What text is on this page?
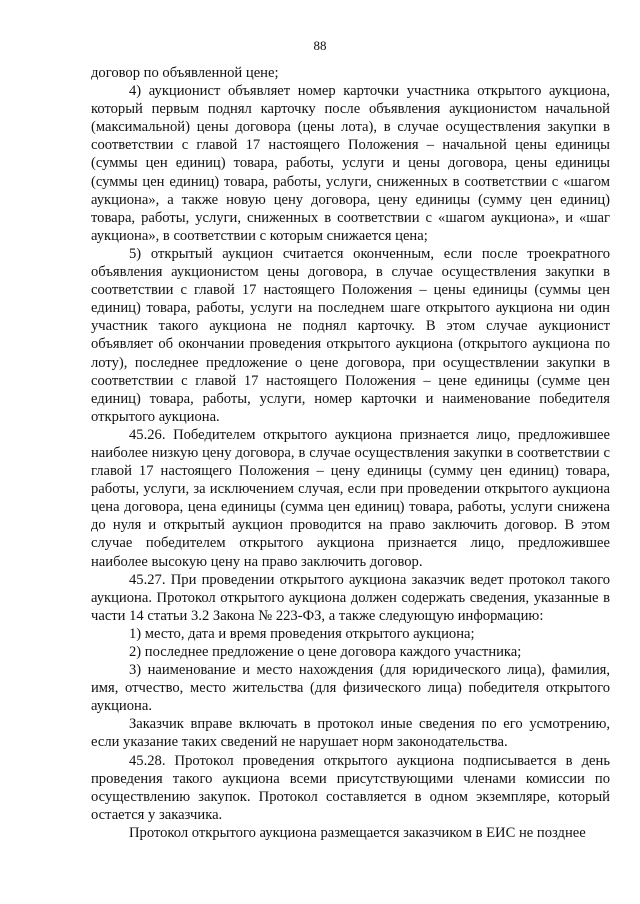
88

договор по объявленной цене;

4) аукционист объявляет номер карточки участника открытого аукциона, который первым поднял карточку после объявления аукционистом начальной (максимальной) цены договора (цены лота), в случае осуществления закупки в соответствии с главой 17 настоящего Положения – начальной цены единицы (суммы цен единиц) товара, работы, услуги и цены договора, цены единицы (суммы цен единиц) товара, работы, услуги, сниженных в соответствии с «шагом аукциона», а также новую цену договора, цену единицы (сумму цен единиц) товара, работы, услуги, сниженных в соответствии с «шагом аукциона», и «шаг аукциона», в соответствии с которым снижается цена;

5) открытый аукцион считается оконченным, если после троекратного объявления аукционистом цены договора, в случае осуществления закупки в соответствии с главой 17 настоящего Положения – цены единицы (суммы цен единиц) товара, работы, услуги на последнем шаге открытого аукциона ни один участник такого аукциона не поднял карточку. В этом случае аукционист объявляет об окончании проведения открытого аукциона (открытого аукциона по лоту), последнее предложение о цене договора, при осуществлении закупки в соответствии с главой 17 настоящего Положения – цене единицы (сумме цен единиц) товара, работы, услуги, номер карточки и наименование победителя открытого аукциона.

45.26. Победителем открытого аукциона признается лицо, предложившее наиболее низкую цену договора, в случае осуществления закупки в соответствии с главой 17 настоящего Положения – цену единицы (сумму цен единиц) товара, работы, услуги, за исключением случая, если при проведении открытого аукциона цена договора, цена единицы (сумма цен единиц) товара, работы, услуги снижена до нуля и открытый аукцион проводится на право заключить договор. В этом случае победителем открытого аукциона признается лицо, предложившее наиболее высокую цену на право заключить договор.

45.27. При проведении открытого аукциона заказчик ведет протокол такого аукциона. Протокол открытого аукциона должен содержать сведения, указанные в части 14 статьи 3.2 Закона № 223-ФЗ, а также следующую информацию:

1) место, дата и время проведения открытого аукциона;

2) последнее предложение о цене договора каждого участника;

3) наименование и место нахождения (для юридического лица), фамилия, имя, отчество, место жительства (для физического лица) победителя открытого аукциона.

Заказчик вправе включать в протокол иные сведения по его усмотрению, если указание таких сведений не нарушает норм законодательства.

45.28. Протокол проведения открытого аукциона подписывается в день проведения такого аукциона всеми присутствующими членами комиссии по осуществлению закупок. Протокол составляется в одном экземпляре, который остается у заказчика.

Протокол открытого аукциона размещается заказчиком в ЕИС не позднее
